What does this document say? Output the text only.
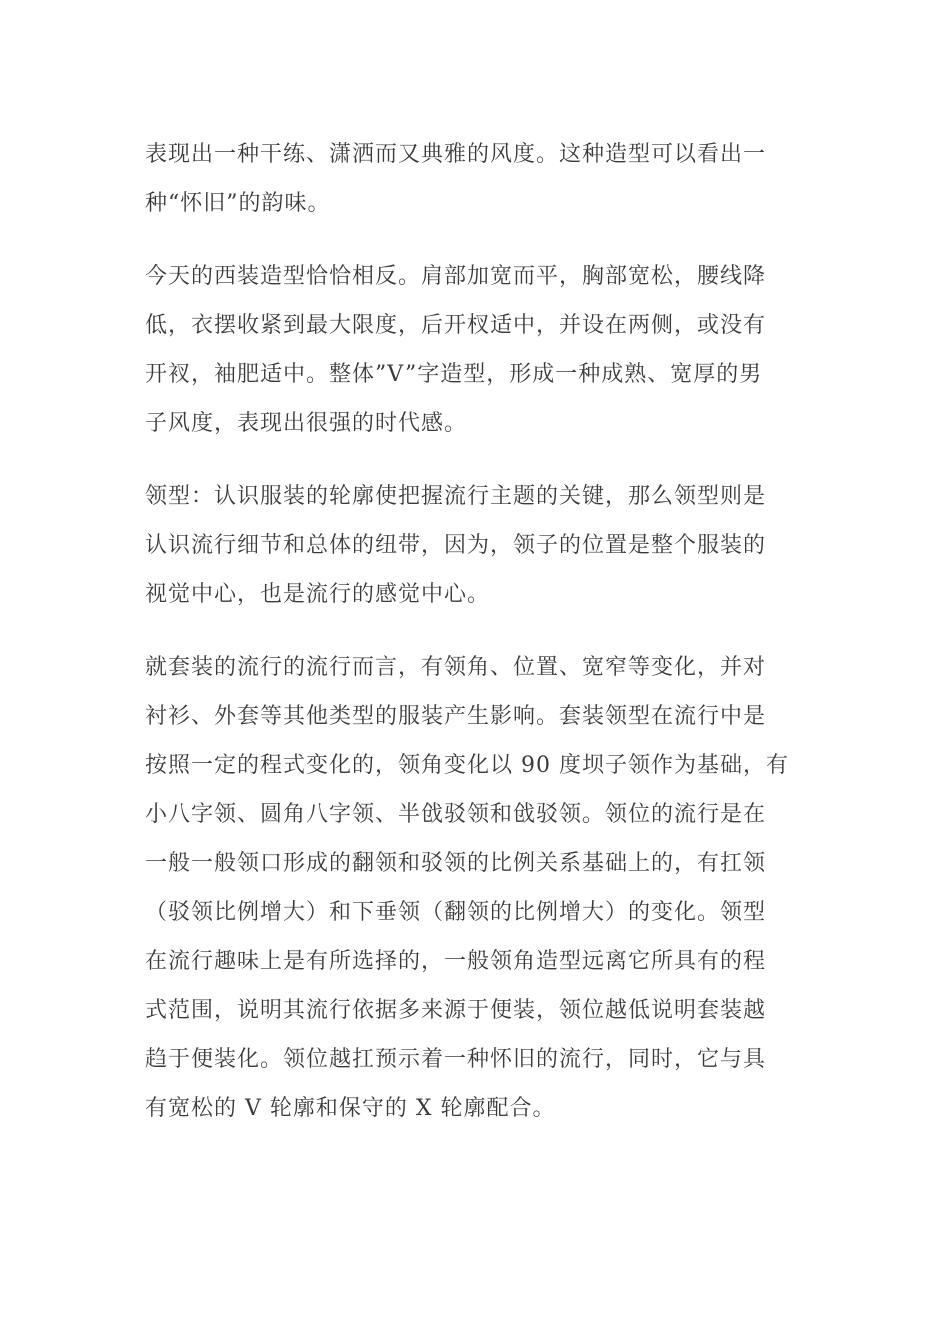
表现出一种干练、潇洒而又典雅的风度。这种造型可以看出一
种“怀旧”的韵味。

今天的西装造型恰恰相反。肩部加宽而平，胸部宽松，腰线降
低，衣摆收紧到最大限度，后开杈适中，并设在两侧，或没有
开衩，袖肥适中。整体”V”字造型，形成一种成熟、宽厚的男
子风度，表现出很强的时代感。

领型：认识服装的轮廓使把握流行主题的关键，那么领型则是
认识流行细节和总体的纽带，因为，领子的位置是整个服装的
视觉中心，也是流行的感觉中心。

就套装的流行的流行而言，有领角、位置、宽窄等变化，并对
衬衫、外套等其他类型的服装产生影响。套装领型在流行中是
按照一定的程式变化的，领角变化以 90 度坝子领作为基础，有
小八字领、圆角八字领、半戗驳领和戗驳领。领位的流行是在
一般一般领口形成的翻领和驳领的比例关系基础上的，有扛领
（驳领比例增大）和下垂领（翻领的比例增大）的变化。领型
在流行趣味上是有所选择的，一般领角造型远离它所具有的程
式范围，说明其流行依据多来源于便装，领位越低说明套装越
趋于便装化。领位越扛预示着一种怀旧的流行，同时，它与具
有宽松的 V 轮廓和保守的 X 轮廓配合。
